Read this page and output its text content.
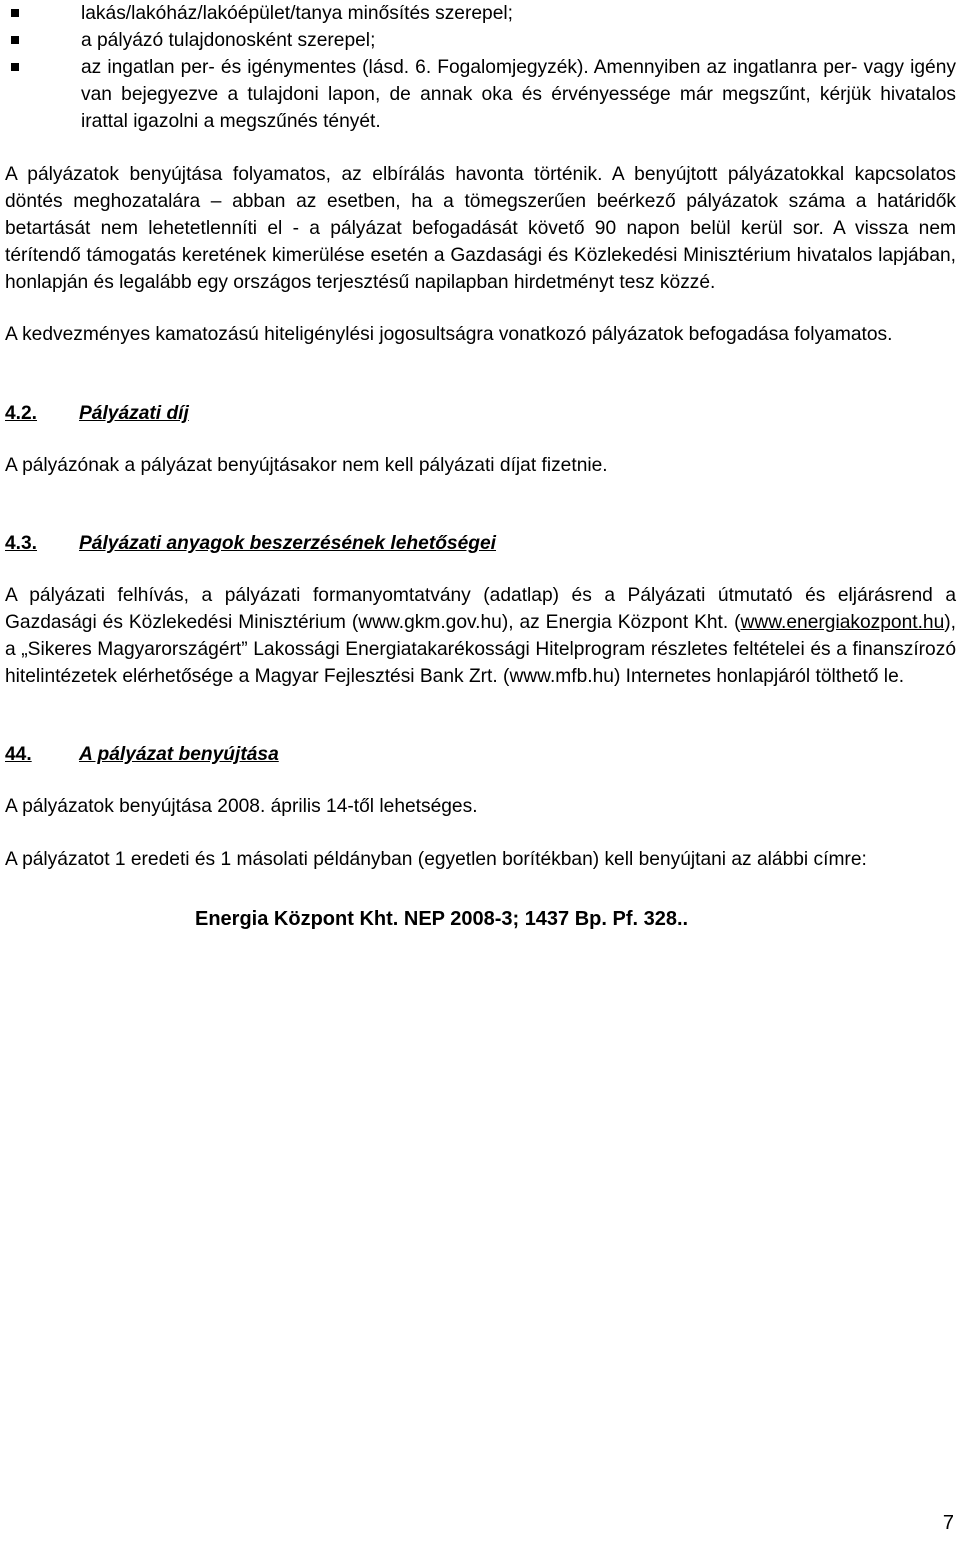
lakás/lakóház/lakóépület/tanya minősítés szerepel;
a pályázó tulajdonosként szerepel;
az ingatlan per- és igénymentes (lásd. 6. Fogalomjegyzék). Amennyiben az ingatlanra per- vagy igény van bejegyezve a tulajdoni lapon, de annak oka és érvényessége már megszűnt, kérjük hivatalos irattal igazolni a megszűnés tényét.

A pályázatok benyújtása folyamatos, az elbírálás havonta történik. A benyújtott pályázatokkal kapcsolatos döntés meghozatalára – abban az esetben, ha a tömegszerűen beérkező pályázatok száma a határidők betartását nem lehetetlenníti el - a pályázat befogadását követő 90 napon belül kerül sor. A vissza nem térítendő támogatás keretének kimerülése esetén a Gazdasági és Közlekedési Minisztérium hivatalos lapjában, honlapján és legalább egy országos terjesztésű napilapban hirdetményt tesz közzé.

A kedvezményes kamatozású hiteligénylési jogosultságra vonatkozó pályázatok befogadása folyamatos.

4.2.	Pályázati díj

A pályázónak a pályázat benyújtásakor nem kell pályázati díjat fizetnie.

4.3.	Pályázati anyagok beszerzésének lehetőségei

A pályázati felhívás, a pályázati formanyomtatvány (adatlap) és a Pályázati útmutató és eljárásrend a Gazdasági és Közlekedési Minisztérium (www.gkm.gov.hu), az Energia Központ Kht. (www.energiakozpont.hu), a „Sikeres Magyarországért” Lakossági Energiatakarékossági Hitelprogram részletes feltételei és a finanszírozó hitelintézetek elérhetősége a Magyar Fejlesztési Bank Zrt. (www.mfb.hu) Internetes honlapjáról tölthető le.

44.	A pályázat benyújtása

A pályázatok benyújtása 2008. április 14-től lehetséges.

A pályázatot 1 eredeti és 1 másolati példányban (egyetlen borítékban) kell benyújtani az alábbi címre:

Energia Központ Kht. NEP 2008-3; 1437 Bp. Pf. 328..
7
